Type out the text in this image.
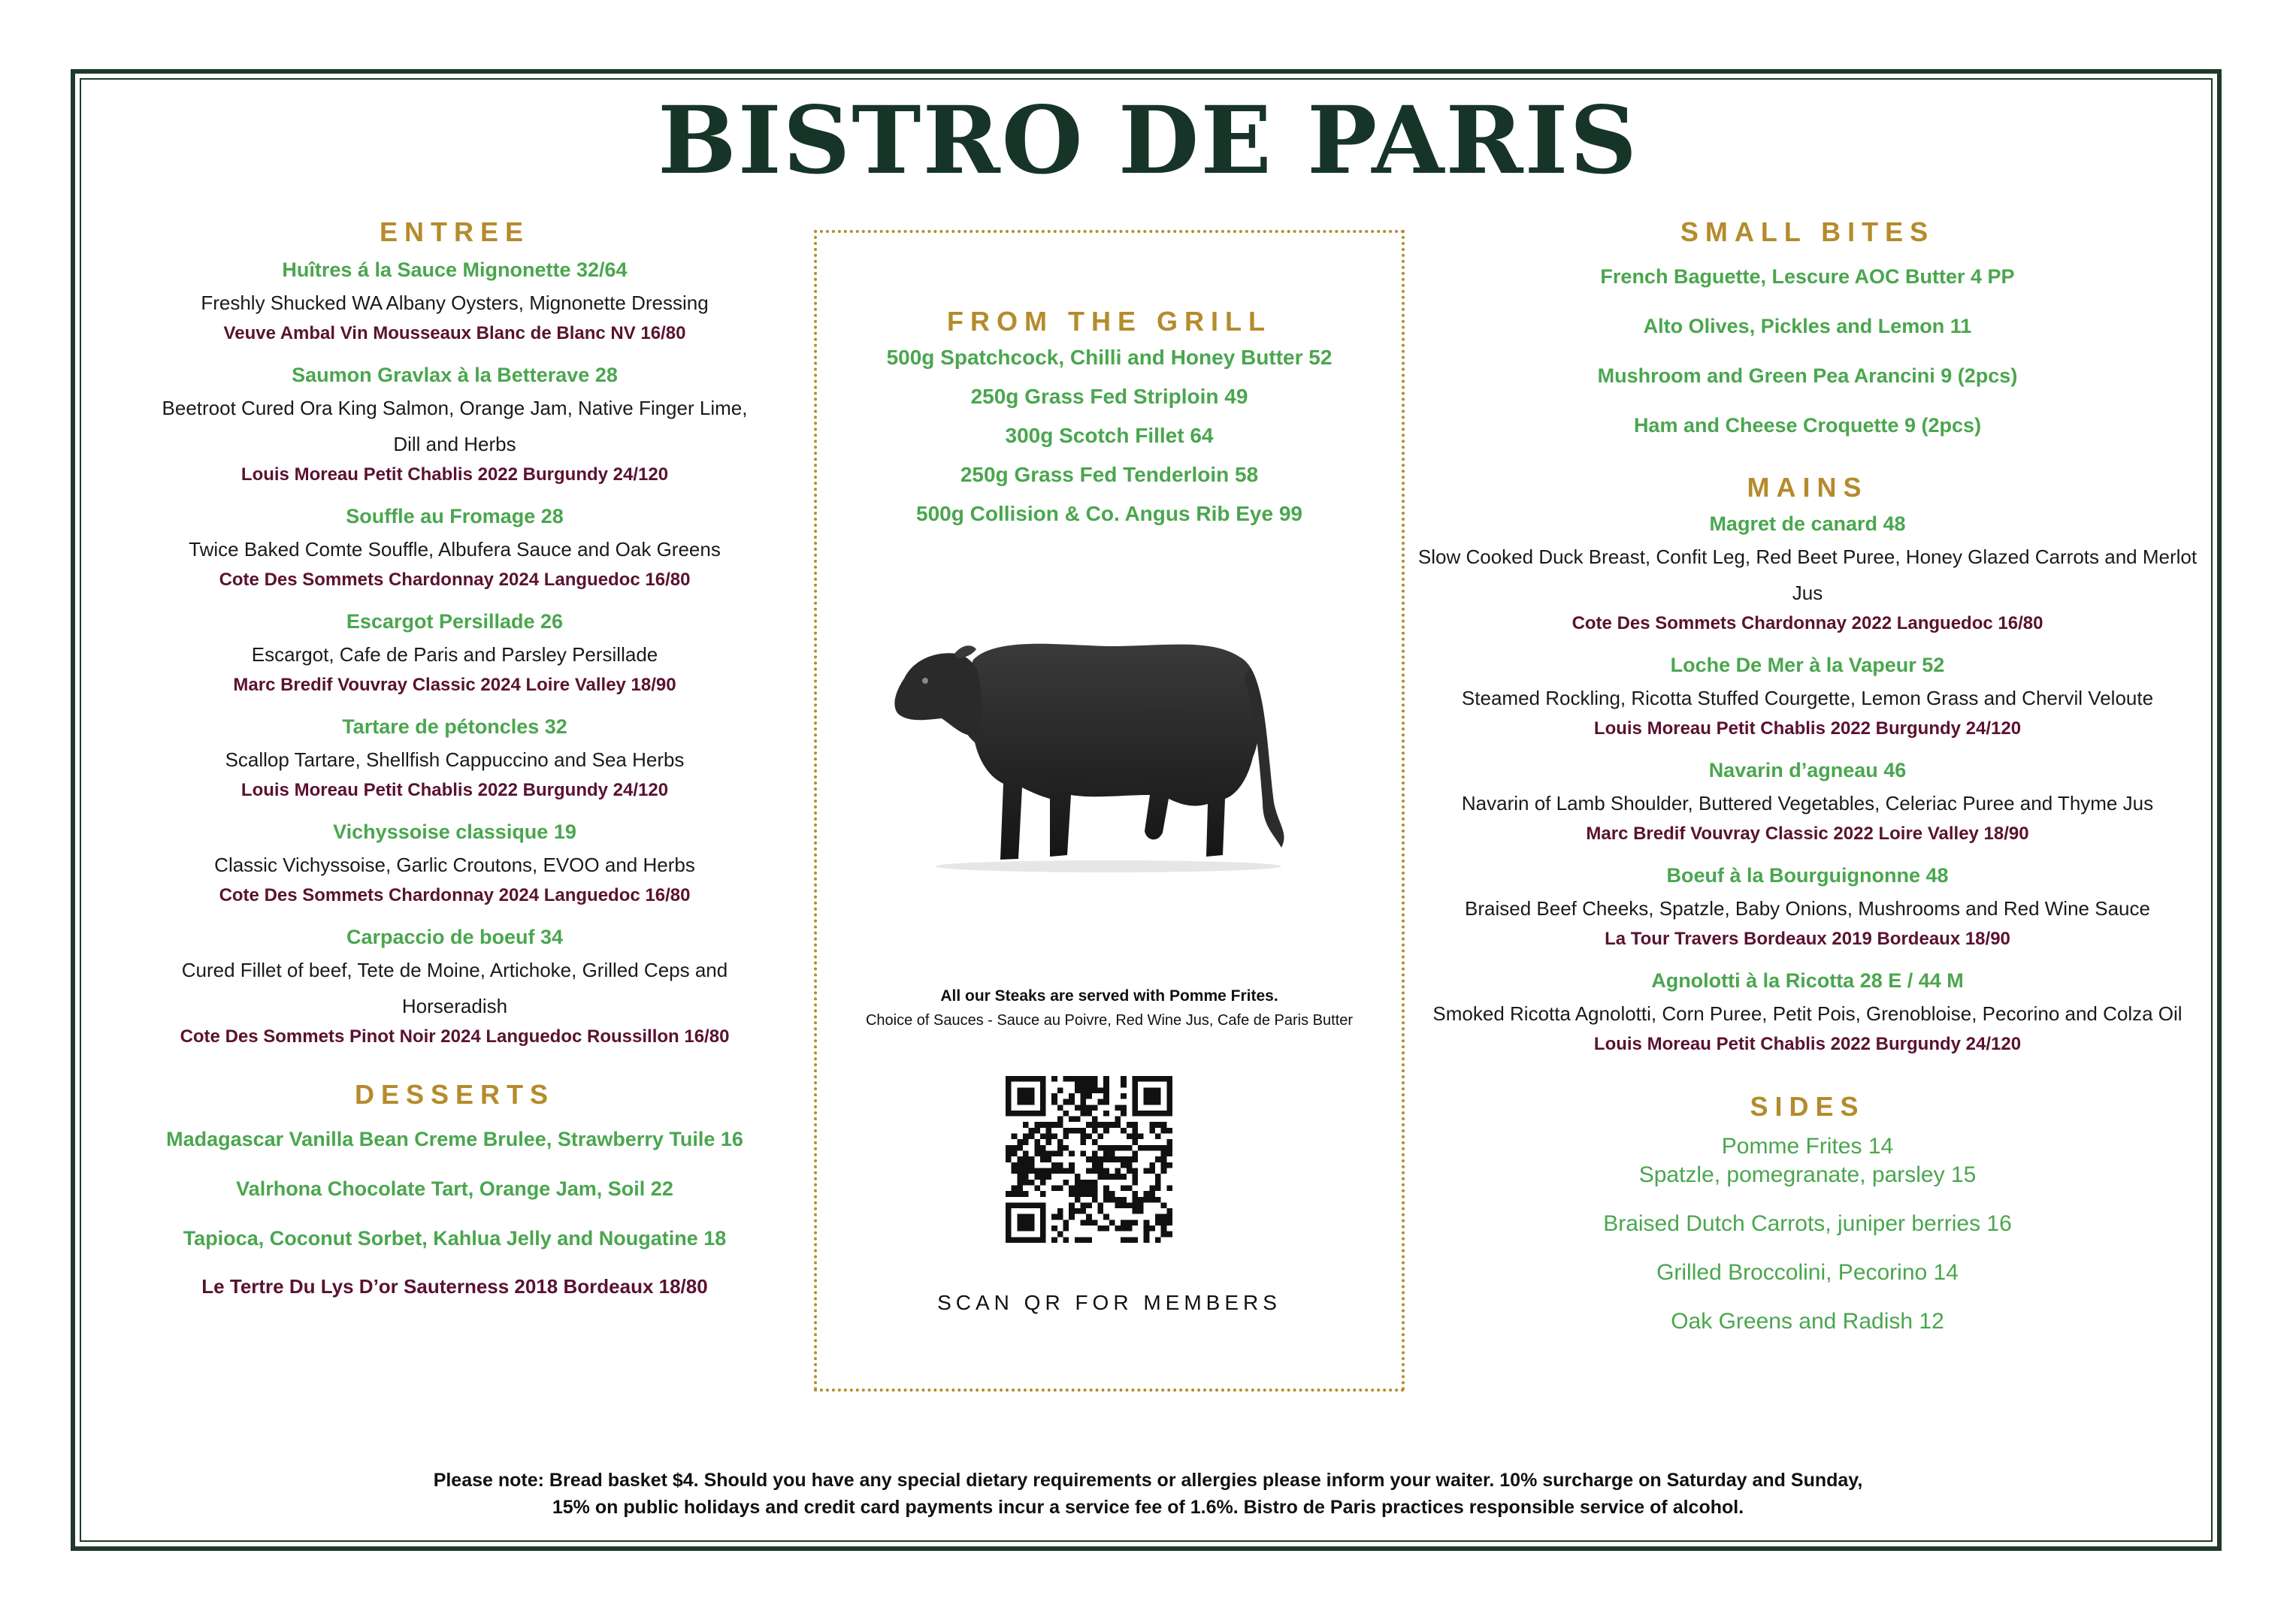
BISTRO DE PARIS
ENTREE
Huîtres á la Sauce Mignonette 32/64
Freshly Shucked WA Albany Oysters, Mignonette Dressing
Veuve Ambal Vin Mousseaux Blanc de Blanc NV 16/80
Saumon Gravlax à la Betterave 28
Beetroot Cured Ora King Salmon, Orange Jam, Native Finger Lime, Dill and Herbs
Louis Moreau Petit Chablis 2022 Burgundy 24/120
Souffle au Fromage 28
Twice Baked Comte Souffle, Albufera Sauce and Oak Greens
Cote Des Sommets Chardonnay 2024 Languedoc 16/80
Escargot Persillade 26
Escargot, Cafe de Paris and Parsley Persillade
Marc Bredif Vouvray Classic 2024 Loire Valley 18/90
Tartare de pétoncles 32
Scallop Tartare, Shellfish Cappuccino and Sea Herbs
Louis Moreau Petit Chablis 2022 Burgundy 24/120
Vichyssoise classique 19
Classic Vichyssoise, Garlic Croutons, EVOO and Herbs
Cote Des Sommets Chardonnay 2024 Languedoc 16/80
Carpaccio de boeuf 34
Cured Fillet of beef, Tete de Moine, Artichoke, Grilled Ceps and Horseradish
Cote Des Sommets Pinot Noir 2024 Languedoc Roussillon 16/80
DESSERTS
Madagascar Vanilla Bean Creme Brulee, Strawberry Tuile 16
Valrhona Chocolate Tart, Orange Jam, Soil 22
Tapioca, Coconut Sorbet, Kahlua Jelly and Nougatine 18
Le Tertre Du Lys D’or Sauterness 2018 Bordeaux 18/80
FROM THE GRILL
500g Spatchcock, Chilli and Honey Butter 52
250g Grass Fed Striploin 49
300g Scotch Fillet 64
250g Grass Fed Tenderloin 58
500g Collision & Co. Angus Rib Eye 99
All our Steaks are served with Pomme Frites.
Choice of Sauces - Sauce au Poivre, Red Wine Jus, Cafe de Paris Butter
SCAN QR FOR MEMBERS
SMALL BITES
French Baguette, Lescure AOC Butter 4 PP
Alto Olives, Pickles and Lemon 11
Mushroom and Green Pea Arancini 9 (2pcs)
Ham and Cheese Croquette 9 (2pcs)
MAINS
Magret de canard 48
Slow Cooked Duck Breast, Confit Leg, Red Beet Puree, Honey Glazed Carrots and Merlot Jus
Cote Des Sommets Chardonnay 2022 Languedoc 16/80
Loche De Mer à la Vapeur 52
Steamed Rockling, Ricotta Stuffed Courgette, Lemon Grass and Chervil Veloute
Louis Moreau Petit Chablis 2022 Burgundy 24/120
Navarin d’agneau 46
Navarin of Lamb Shoulder, Buttered Vegetables, Celeriac Puree and Thyme Jus
Marc Bredif Vouvray Classic 2022 Loire Valley 18/90
Boeuf à la Bourguignonne 48
Braised Beef Cheeks, Spatzle, Baby Onions, Mushrooms and Red Wine Sauce
La Tour Travers Bordeaux 2019 Bordeaux 18/90
Agnolotti à la Ricotta 28 E / 44 M
Smoked Ricotta Agnolotti, Corn Puree, Petit Pois, Grenobloise, Pecorino and Colza Oil
Louis Moreau Petit Chablis 2022 Burgundy 24/120
SIDES
Pomme Frites 14
Spatzle, pomegranate, parsley 15
Braised Dutch Carrots, juniper berries 16
Grilled Broccolini, Pecorino 14
Oak Greens and Radish 12
Please note: Bread basket $4. Should you have any special dietary requirements or allergies please inform your waiter. 10% surcharge on Saturday and Sunday,
15% on public holidays and credit card payments incur a service fee of 1.6%. Bistro de Paris practices responsible service of alcohol.
